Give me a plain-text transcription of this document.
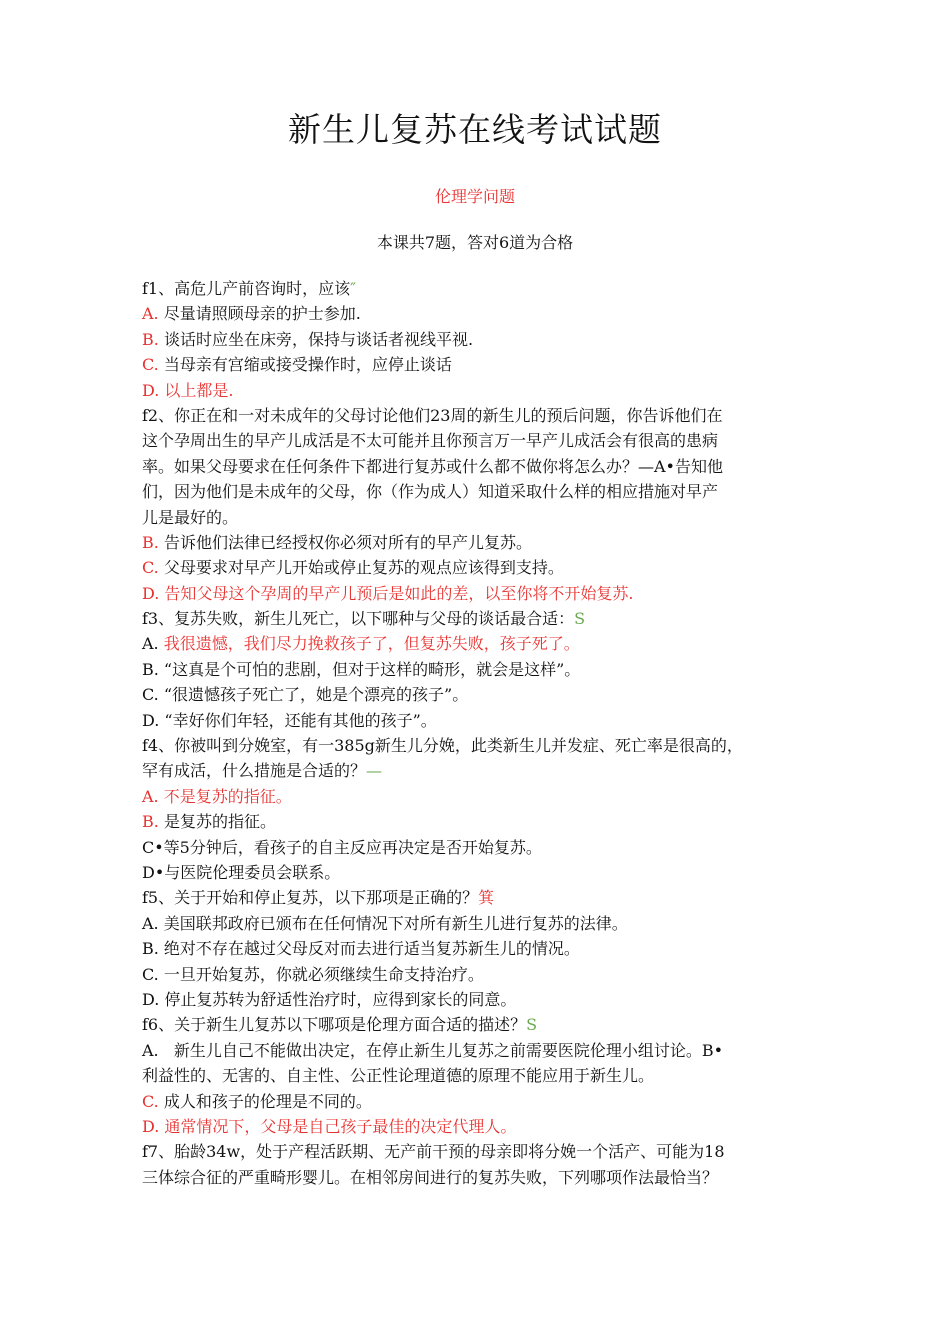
新生儿复苏在线考试试题
伦理学问题
本课共7题，答对6道为合格
f1、高危儿产前咨询时，应该″
A. 尽量请照顾母亲的护士参加.
B. 谈话时应坐在床旁，保持与谈话者视线平视.
C. 当母亲有宫缩或接受操作时，应停止谈话
D. 以上都是.
f2、你正在和一对未成年的父母讨论他们23周的新生儿的预后问题，你告诉他们在
这个孕周出生的早产儿成活是不太可能并且你预言万一早产儿成活会有很高的患病
率。如果父母要求在任何条件下都进行复苏或什么都不做你将怎么办？—A•告知他
们，因为他们是未成年的父母，你（作为成人）知道采取什么样的相应措施对早产
儿是最好的。
B. 告诉他们法律已经授权你必须对所有的早产儿复苏。
C. 父母要求对早产儿开始或停止复苏的观点应该得到支持。
D. 告知父母这个孕周的早产儿预后是如此的差，以至你将不开始复苏.
f3、复苏失败，新生儿死亡，以下哪种与父母的谈话最合适：S
A. 我很遗憾，我们尽力挽救孩子了，但复苏失败，孩子死了。
B. “这真是个可怕的悲剧，但对于这样的畸形，就会是这样”。
C. “很遗憾孩子死亡了，她是个漂亮的孩子”。
D. “幸好你们年轻，还能有其他的孩子”。
f4、你被叫到分娩室，有一385g新生儿分娩，此类新生儿并发症、死亡率是很高的，
罕有成活，什么措施是合适的？—
A. 不是复苏的指征。
B. 是复苏的指征。
C•等5分钟后，看孩子的自主反应再决定是否开始复苏。
D•与医院伦理委员会联系。
f5、关于开始和停止复苏，以下那项是正确的？箕
A. 美国联邦政府已颁布在任何情况下对所有新生儿进行复苏的法律。
B. 绝对不存在越过父母反对而去进行适当复苏新生儿的情况。
C. 一旦开始复苏，你就必须继续生命支持治疗。
D. 停止复苏转为舒适性治疗时，应得到家长的同意。
f6、关于新生儿复苏以下哪项是伦理方面合适的描述？S
A.   新生儿自己不能做出决定，在停止新生儿复苏之前需要医院伦理小组讨论。B•
利益性的、无害的、自主性、公正性论理道德的原理不能应用于新生儿。
C. 成人和孩子的伦理是不同的。
D. 通常情况下，父母是自己孩子最佳的决定代理人。
f7、胎龄34w，处于产程活跃期、无产前干预的母亲即将分娩一个活产、可能为18
三体综合征的严重畸形婴儿。在相邻房间进行的复苏失败，下列哪项作法最恰当？
